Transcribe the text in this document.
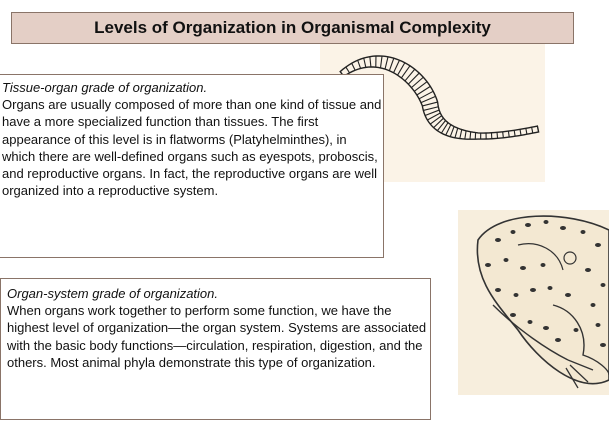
Levels of Organization in Organismal Complexity
Tissue-organ grade of organization.
Organs are usually composed of more than one kind of tissue and have a more specialized function than tissues. The first appearance of this level is in flatworms (Platyhelminthes), in which there are well-defined organs such as eyespots, proboscis, and reproductive organs. In fact, the reproductive organs are well organized into a reproductive system.
Organ-system grade of organization.
When organs work together to perform some function, we have the highest level of organization—the organ system. Systems are associated with the basic body functions—circulation, respiration, digestion, and the others. Most animal phyla demonstrate this type of organization.
